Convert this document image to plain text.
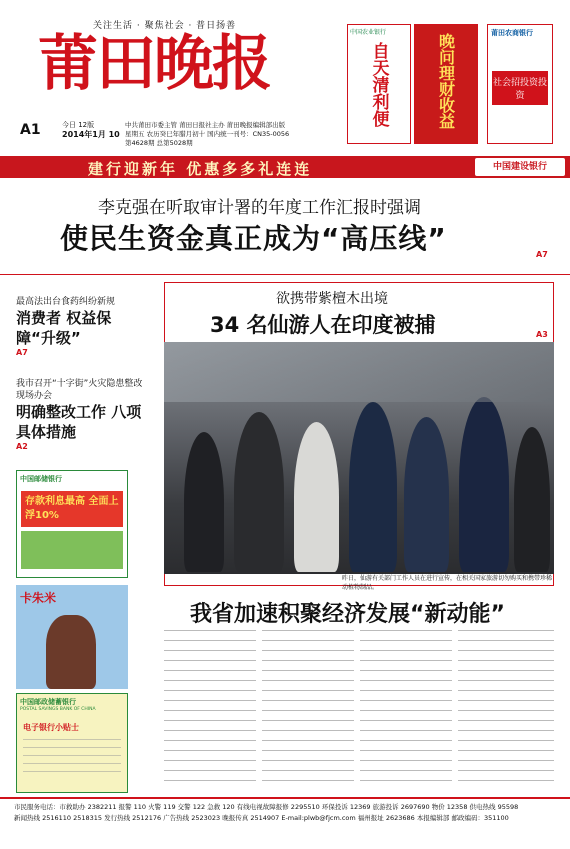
关注生活 · 聚焦社会 · 普日扬善
莆田晚报
A1	今日 12版
2014年1月 10
中共莆田市委主管 莆田日报社主办 莆田晚报编辑部出版
星期五 农历癸巳年腊月初十 国内统一刊号：CN35-0056
第4628期 总第5028期
中国农业银行
自天清利便	晚问理财收益	莆田农商银行
社会招投资投资
建行迎新年 优惠多多礼连连	中国建设银行
李克强在听取审计署的年度工作汇报时强调
使民生资金真正成为“高压线”	A7
最高法出台食药纠纷新规
消费者 权益保障“升级”
A7
我市召开“十字街”火灾隐患整改现场办会
明确整改工作 八项具体措施
A2
欲携带紫檀木出境
34 名仙游人在印度被捕	A3
昨日，仙游有关部门工作人员在进行宣传，在相关国家旅游切勿购买和携带珍稀动植物制品。
我省加速积聚经济发展“新动能”
中国邮储银行
存款利息最高 全面上浮10%
卡朱米
中国邮政储蓄银行
POSTAL SAVINGS BANK OF CHINA
电子银行小贴士
市民服务电话：市救助办 2382211 报警 110 火警 119 交警 122 急救 120 有线电视故障报修 2295510 环保投诉 12369 旅游投诉 2697690 物价 12358 供电热线 95598
新闻热线 2516110 2518315 发行热线 2512176 广告热线 2523023 晚报传真 2514907 E-mail:plwb@fjcm.com 福州报址 2623686 本报编辑部 邮政编码：351100
